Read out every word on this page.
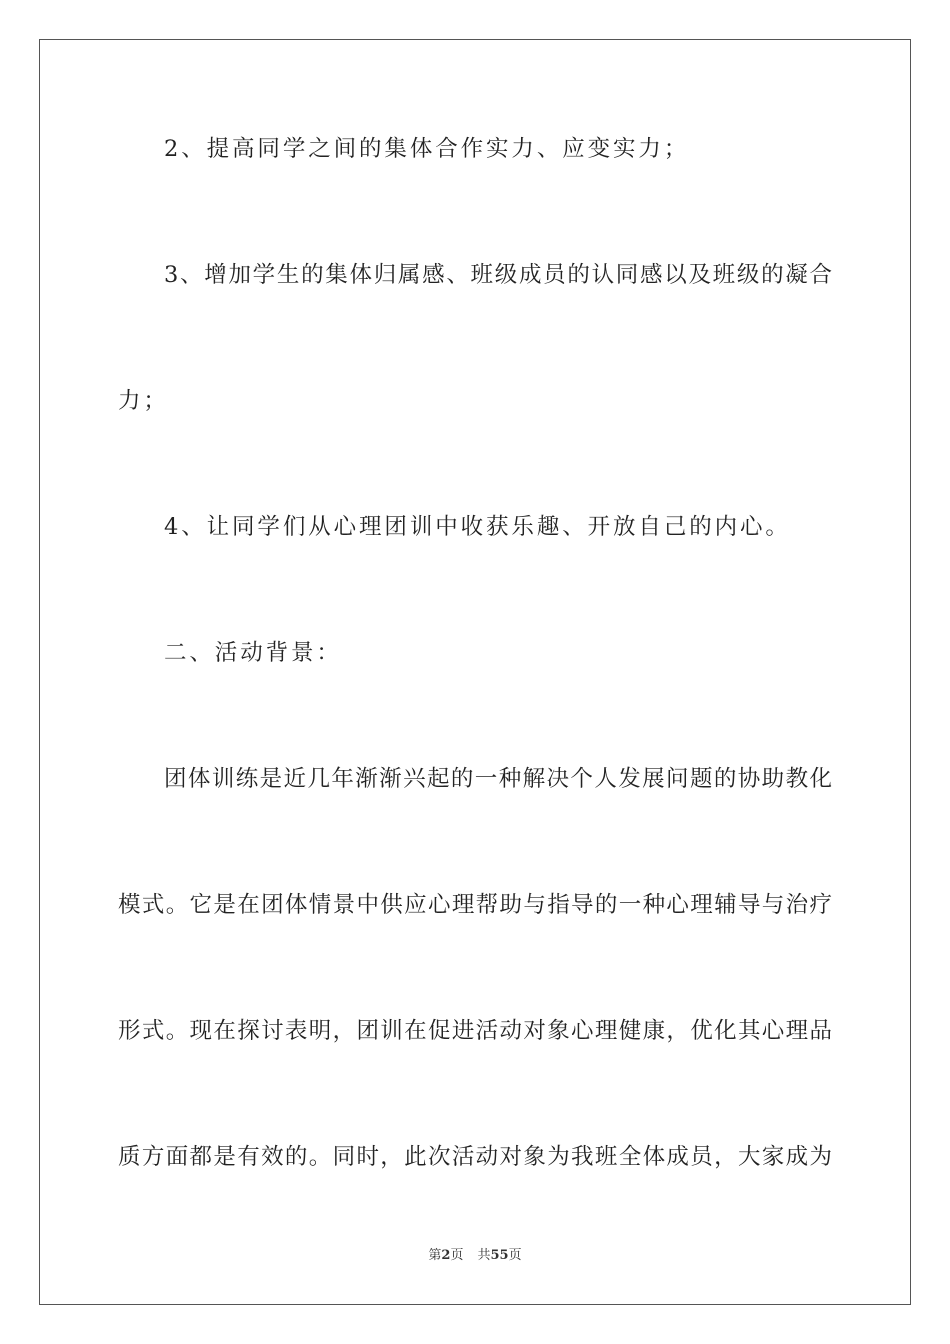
2、提高同学之间的集体合作实力、应变实力；
3、增加学生的集体归属感、班级成员的认同感以及班级的凝合
力；
4、让同学们从心理团训中收获乐趣、开放自己的内心。
二、活动背景：
团体训练是近几年渐渐兴起的一种解决个人发展问题的协助教化
模式。它是在团体情景中供应心理帮助与指导的一种心理辅导与治疗
形式。现在探讨表明，团训在促进活动对象心理健康，优化其心理品
质方面都是有效的。同时，此次活动对象为我班全体成员，大家成为
第2页 共55页
